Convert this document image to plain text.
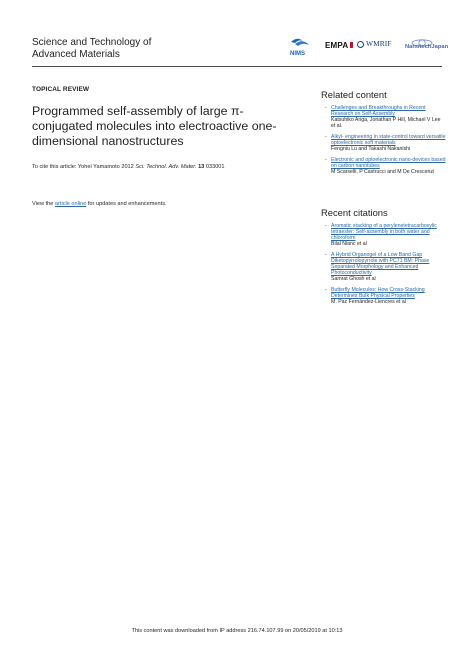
Science and Technology of
Advanced Materials	NIMS
EMPA	WMRIF NanotechJapan
TOPICAL REVIEW
Programmed self-assembly of large π-conjugated molecules into electroactive one-dimensional nanostructures
To cite this article: Yohei Yamamoto 2012 Sci. Technol. Adv. Mater. 13 033001
View the article online for updates and enhancements.
Related content
- Challenges and Breakthroughs in Recent Research on Self-Assembly
Katsuhiko Ariga, Jonathan P Hill, Michael V Lee et al.
- Alkyl- engineering in state-control toward versatile optoelectronic soft materials
Fengniu Lu and Takashi Nakanishi
- Electronic and optoelectronic nano-devices based on carbon nanotubes
M Scarselli, P Castrucci and M De Crescenzi
Recent citations
- Aromatic stacking of a perylenetetracarboxylic tetraester: Self-assembly in both water and chloroform
Bilal Nianc et al
- A Hybrid Organogel of a Low Band Gap Diketopyrrolopyrrole with PC71 BM: Phase Separated Morphology and Enhanced Photoconductivity
Samrat Ghosh et al
- Butterfly Molecules: How Cross-Stacking Determines Bulk Physical Properties
M. Paz Fernández-Liencres et al
This content was downloaded from IP address 216.74.107.99 on 20/05/2019 at 10:13
